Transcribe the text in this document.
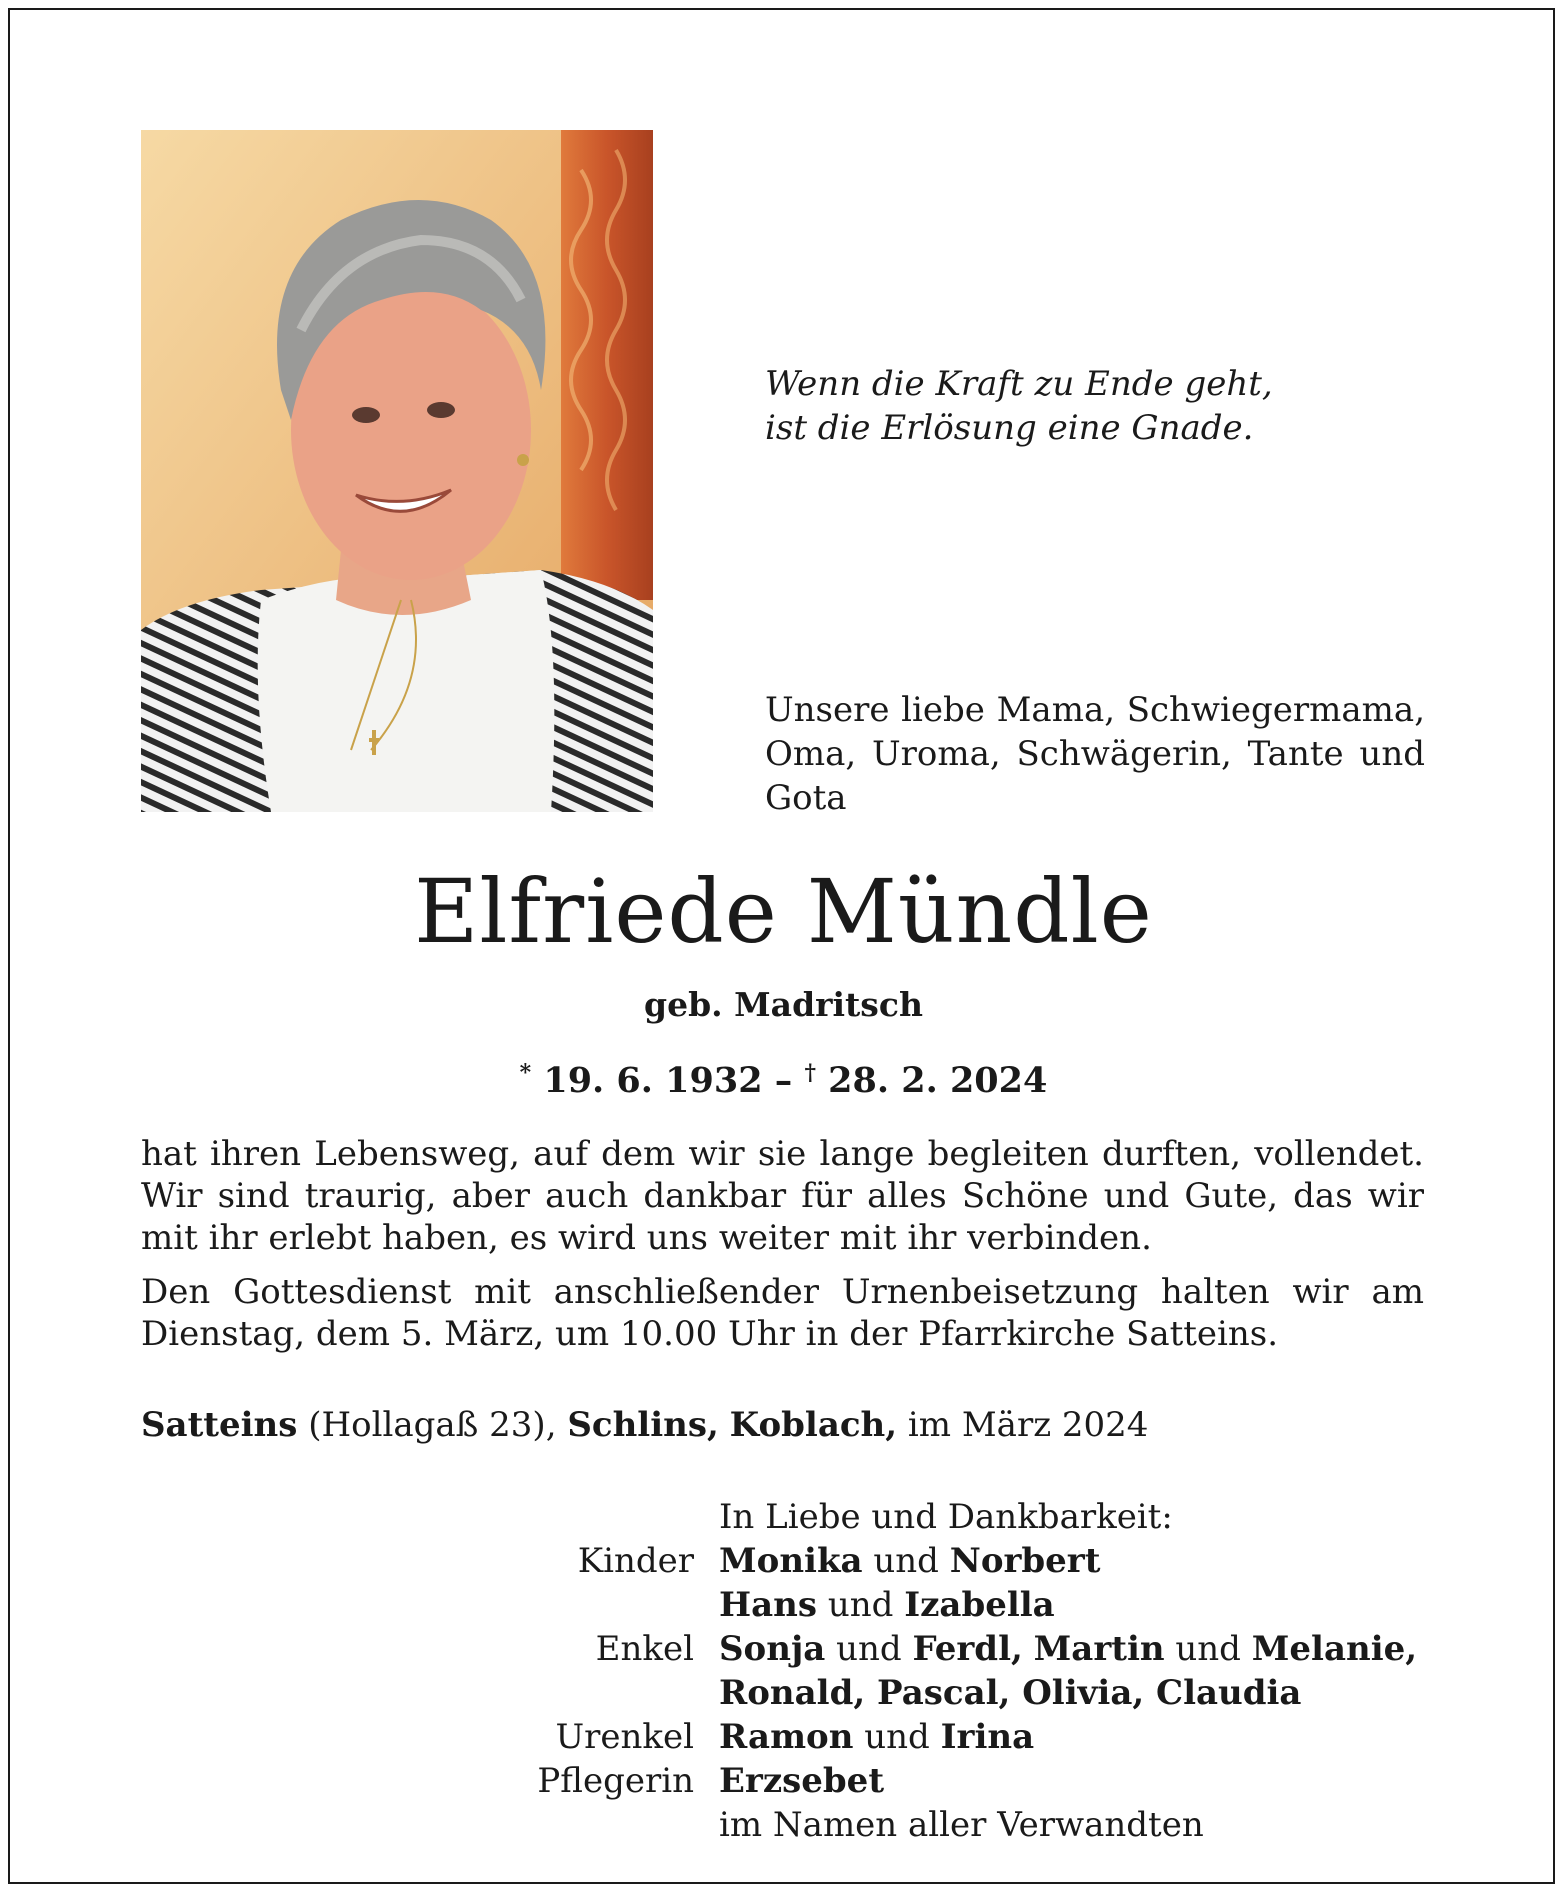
Wenn die Kraft zu Ende geht,
ist die Erlösung eine Gnade.
Unsere liebe Mama, Schwiegermama, Oma, Uroma, Schwägerin, Tante und Gota
Elfriede Mündle
geb. Madritsch
* 19. 6. 1932 – † 28. 2. 2024
hat ihren Lebensweg, auf dem wir sie lange begleiten durften, vollendet. Wir sind traurig, aber auch dankbar für alles Schöne und Gute, das wir mit ihr erlebt haben, es wird uns weiter mit ihr verbinden.
Den Gottesdienst mit anschließender Urnenbeisetzung halten wir am Dienstag, dem 5. März, um 10.00 Uhr in der Pfarrkirche Satteins.
Satteins (Hollagaß 23), Schlins, Koblach, im März 2024
In Liebe und Dankbarkeit:
Kinder Monika und Norbert
Hans und Izabella
Enkel Sonja und Ferdl, Martin und Melanie,
Ronald, Pascal, Olivia, Claudia
Urenkel Ramon und Irina
Pflegerin Erzsebet
im Namen aller Verwandten
